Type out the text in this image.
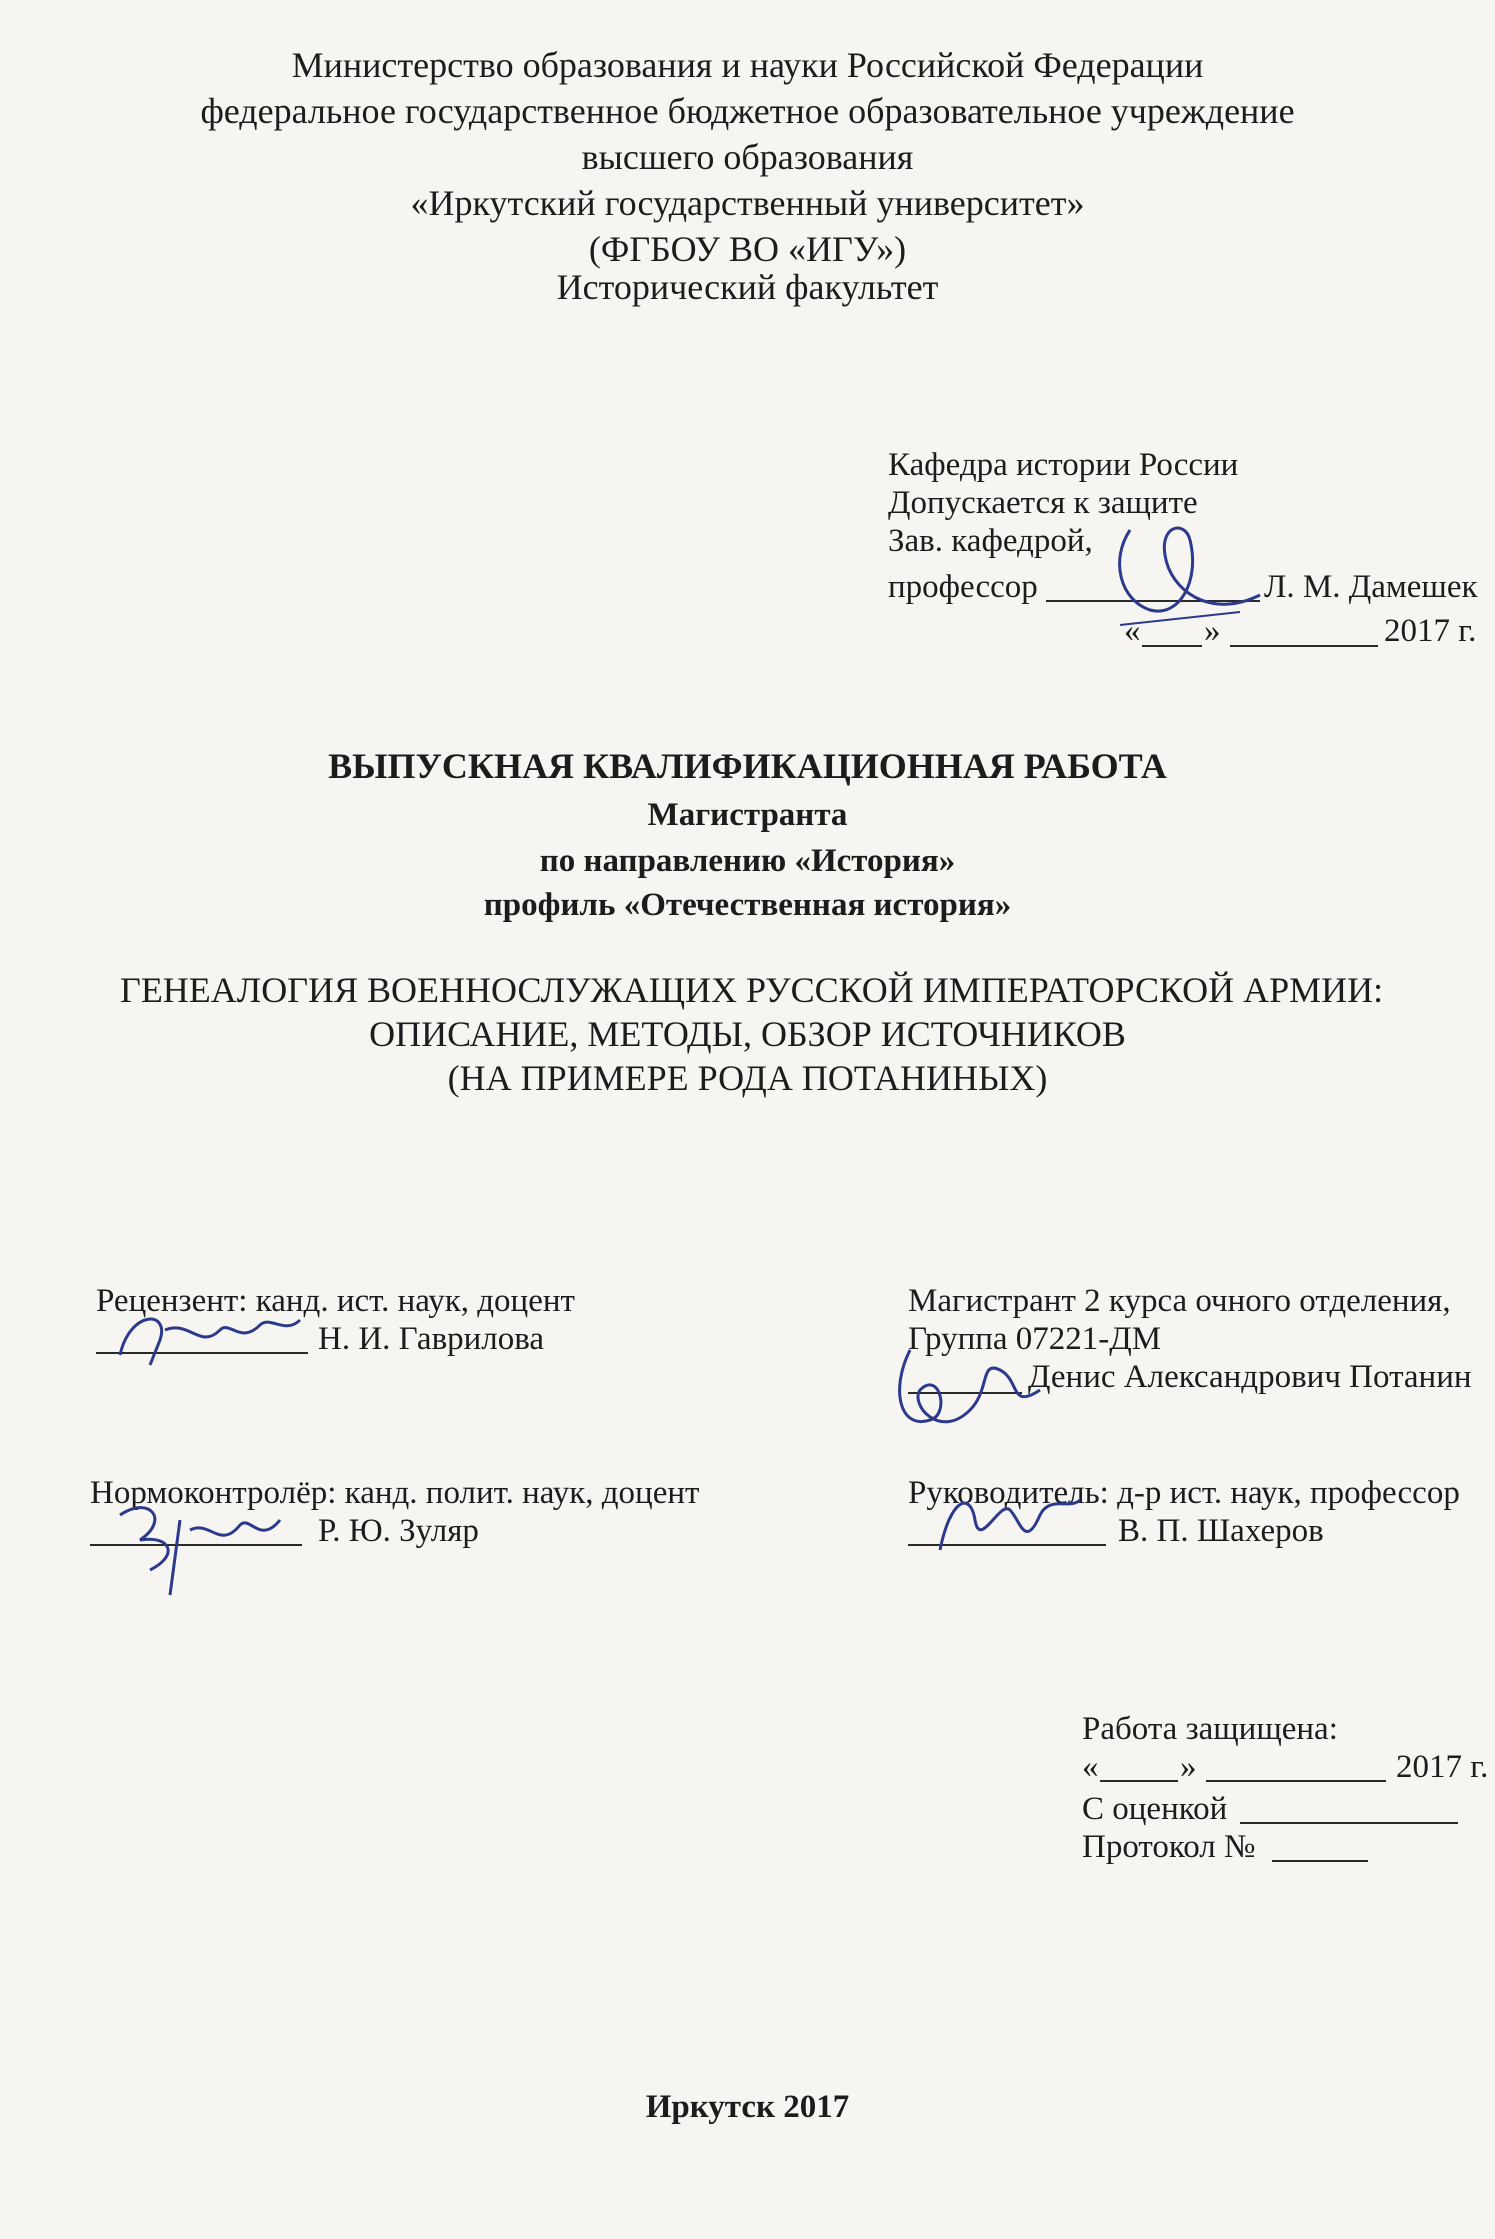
Министерство образования и науки Российской Федерации
федеральное государственное бюджетное образовательное учреждение
высшего образования
«Иркутский государственный университет»
(ФГБОУ ВО «ИГУ»)
Исторический факультет
Кафедра истории России
Допускается к защите
Зав. кафедрой,
профессор	Л. М. Дамешек
« »	2017 г.
ВЫПУСКНАЯ КВАЛИФИКАЦИОННАЯ РАБОТА
Магистранта
по направлению «История»
профиль «Отечественная история»
ГЕНЕАЛОГИЯ ВОЕННОСЛУЖАЩИХ РУССКОЙ ИМПЕРАТОРСКОЙ АРМИИ:
ОПИСАНИЕ, МЕТОДЫ, ОБЗОР ИСТОЧНИКОВ
(НА ПРИМЕРЕ РОДА ПОТАНИНЫХ)
Рецензент: канд. ист. наук, доцент
Н. И. Гаврилова
Магистрант 2 курса очного отделения,
Группа 07221-ДМ
Денис Александрович Потанин
Нормоконтролёр: канд. полит. наук, доцент
Р. Ю. Зуляр
Руководитель: д-р ист. наук, профессор
В. П. Шахеров
Работа защищена:
« »	2017 г.
С оценкой
Протокол №
Иркутск 2017
